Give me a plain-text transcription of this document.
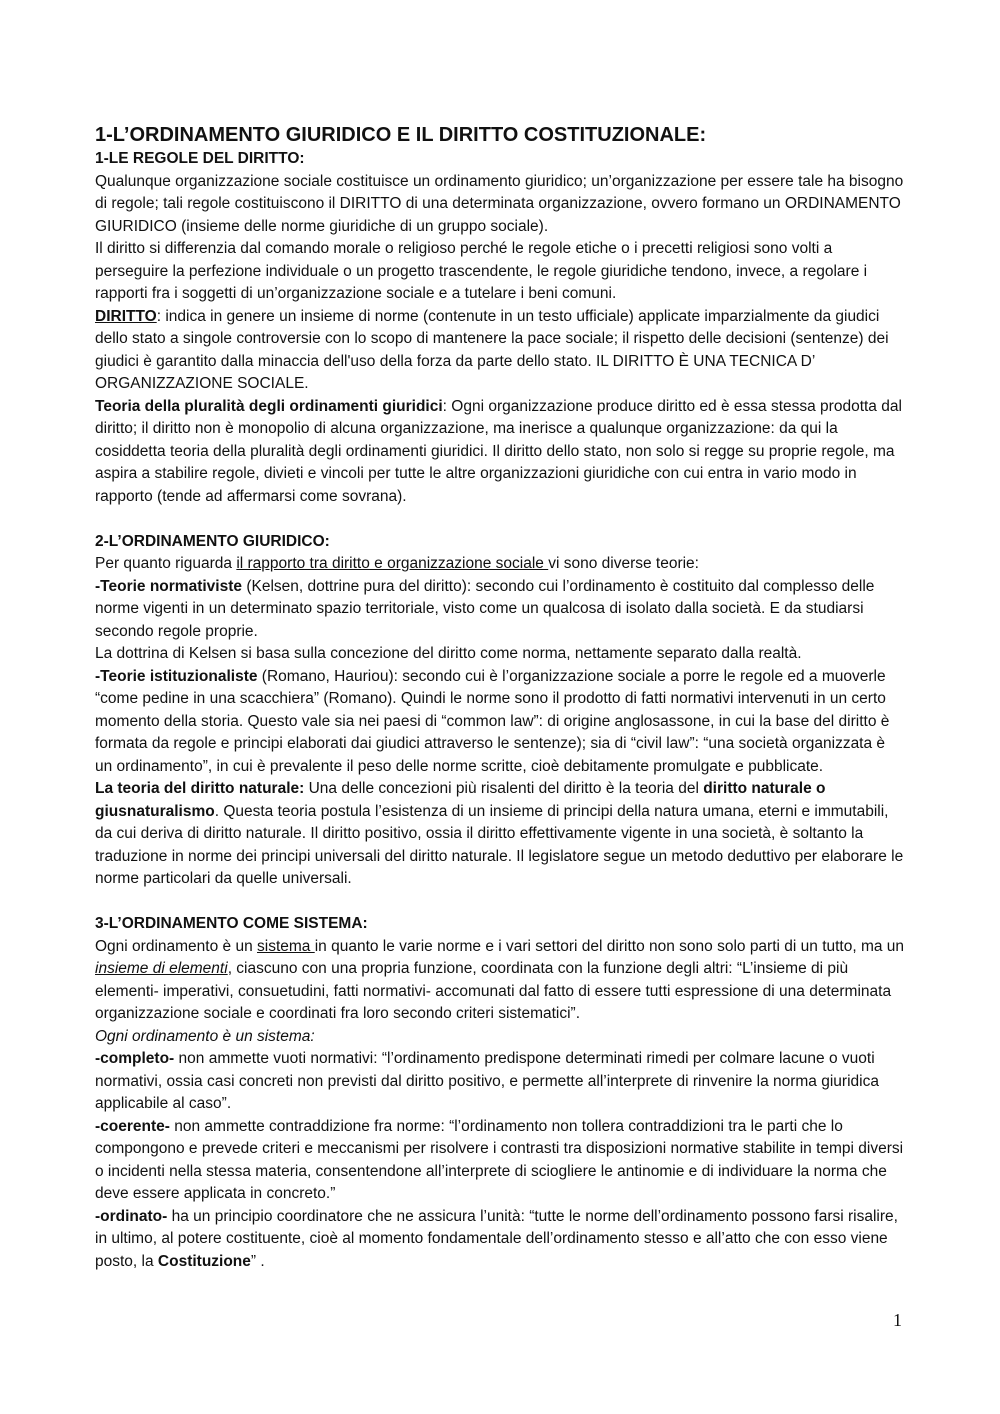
1-L’ORDINAMENTO GIURIDICO E IL DIRITTO COSTITUZIONALE:

1-LE REGOLE DEL DIRITTO:

Qualunque organizzazione sociale costituisce un ordinamento giuridico; un’organizzazione per essere tale ha bisogno di regole; tali regole costituiscono il DIRITTO di una determinata organizzazione, ovvero formano un ORDINAMENTO GIURIDICO (insieme delle norme giuridiche di un gruppo sociale).

Il diritto si differenzia dal comando morale o religioso perché le regole etiche o i precetti religiosi sono volti a perseguire la perfezione individuale o un progetto trascendente, le regole giuridiche tendono, invece, a regolare i rapporti fra i soggetti di un’organizzazione sociale e a tutelare i beni comuni.

DIRITTO: indica in genere un insieme di norme (contenute in un testo ufficiale) applicate imparzialmente da giudici dello stato a singole controversie con lo scopo di mantenere la pace sociale; il rispetto delle decisioni (sentenze) dei giudici è garantito dalla minaccia dell'uso della forza da parte dello stato. IL DIRITTO È UNA TECNICA D’ ORGANIZZAZIONE SOCIALE.

Teoria della pluralità degli ordinamenti giuridici: Ogni organizzazione produce diritto ed è essa stessa prodotta dal diritto; il diritto non è monopolio di alcuna organizzazione, ma inerisce a qualunque organizzazione: da qui la cosiddetta teoria della pluralità degli ordinamenti giuridici. Il diritto dello stato, non solo si regge su proprie regole, ma aspira a stabilire regole, divieti e vincoli per tutte le altre organizzazioni giuridiche con cui entra in vario modo in rapporto (tende ad affermarsi come sovrana).

2-L’ORDINAMENTO GIURIDICO:

Per quanto riguarda il rapporto tra diritto e organizzazione sociale vi sono diverse teorie:

-Teorie normativiste (Kelsen, dottrine pura del diritto): secondo cui l’ordinamento è costituito dal complesso delle norme vigenti in un determinato spazio territoriale, visto come un qualcosa di isolato dalla società. E da studiarsi secondo regole proprie.

La dottrina di Kelsen si basa sulla concezione del diritto come norma, nettamente separato dalla realtà.

-Teorie istituzionaliste (Romano, Hauriou): secondo cui è l’organizzazione sociale a porre le regole ed a muoverle “come pedine in una scacchiera” (Romano). Quindi le norme sono il prodotto di fatti normativi intervenuti in un certo momento della storia. Questo vale sia nei paesi di “common law”: di origine anglosassone, in cui la base del diritto è formata da regole e principi elaborati dai giudici attraverso le sentenze); sia di “civil law”: “una società organizzata è un ordinamento”, in cui è prevalente il peso delle norme scritte, cioè debitamente promulgate e pubblicate.

La teoria del diritto naturale: Una delle concezioni più risalenti del diritto è la teoria del diritto naturale o giusnaturalismo. Questa teoria postula l’esistenza di un insieme di principi della natura umana, eterni e immutabili, da cui deriva di diritto naturale. Il diritto positivo, ossia il diritto effettivamente vigente in una società, è soltanto la traduzione in norme dei principi universali del diritto naturale. Il legislatore segue un metodo deduttivo per elaborare le norme particolari da quelle universali.

3-L’ORDINAMENTO COME SISTEMA:

Ogni ordinamento è un sistema in quanto le varie norme e i vari settori del diritto non sono solo parti di un tutto, ma un insieme di elementi, ciascuno con una propria funzione, coordinata con la funzione degli altri: “L’insieme di più elementi- imperativi, consuetudini, fatti normativi- accomunati dal fatto di essere tutti espressione di una determinata organizzazione sociale e coordinati fra loro secondo criteri sistematici”.

Ogni ordinamento è un sistema:

-completo- non ammette vuoti normativi: “l’ordinamento predispone determinati rimedi per colmare lacune o vuoti normativi, ossia casi concreti non previsti dal diritto positivo, e permette all’interprete di rinvenire la norma giuridica applicabile al caso”.

-coerente- non ammette contraddizione fra norme: “l’ordinamento non tollera contraddizioni tra le parti che lo compongono e prevede criteri e meccanismi per risolvere i contrasti tra disposizioni normative stabilite in tempi diversi o incidenti nella stessa materia, consentendone all’interprete di sciogliere le antinomie e di individuare la norma che deve essere applicata in concreto.”

-ordinato- ha un principio coordinatore che ne assicura l’unità: “tutte le norme dell’ordinamento possono farsi risalire, in ultimo, al potere costituente, cioè al momento fondamentale dell’ordinamento stesso e all’atto che con esso viene posto, la Costituzione” .

1
